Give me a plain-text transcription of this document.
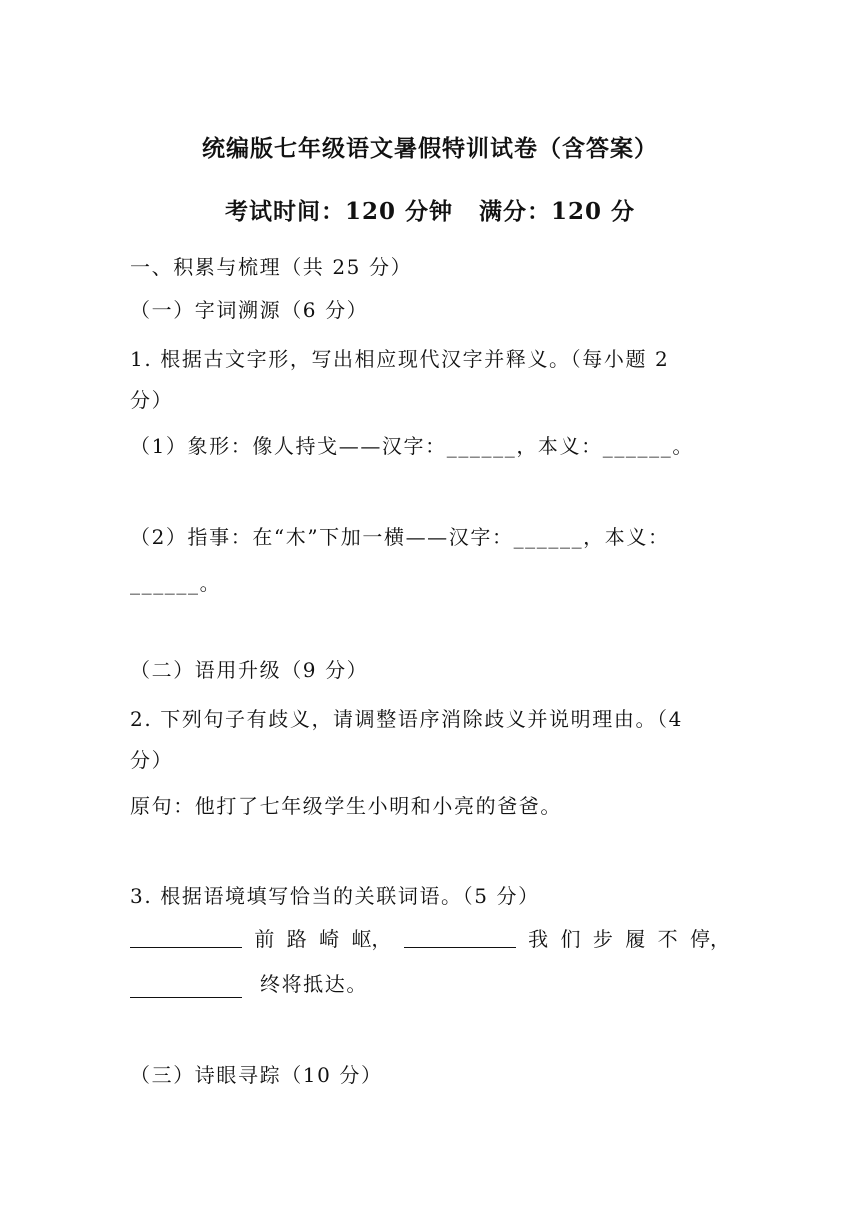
统编版七年级语文暑假特训试卷（含答案）
考试时间：120 分钟 满分：120 分
一、积累与梳理（共 25 分）
（一）字词溯源（6 分）
1. 根据古文字形，写出相应现代汉字并释义。（每小题 2
分）
（1）象形：像人持戈——汉字：______，本义：______。
（2）指事：在“木”下加一横——汉字：______，本义：
______。
（二）语用升级（9 分）
2. 下列句子有歧义，请调整语序消除歧义并说明理由。（4
分）
原句：他打了七年级学生小明和小亮的爸爸。
3. 根据语境填写恰当的关联词语。（5 分）
前 路 崎 岖，	我 们 步 履 不 停，
终将抵达。
（三）诗眼寻踪（10 分）
